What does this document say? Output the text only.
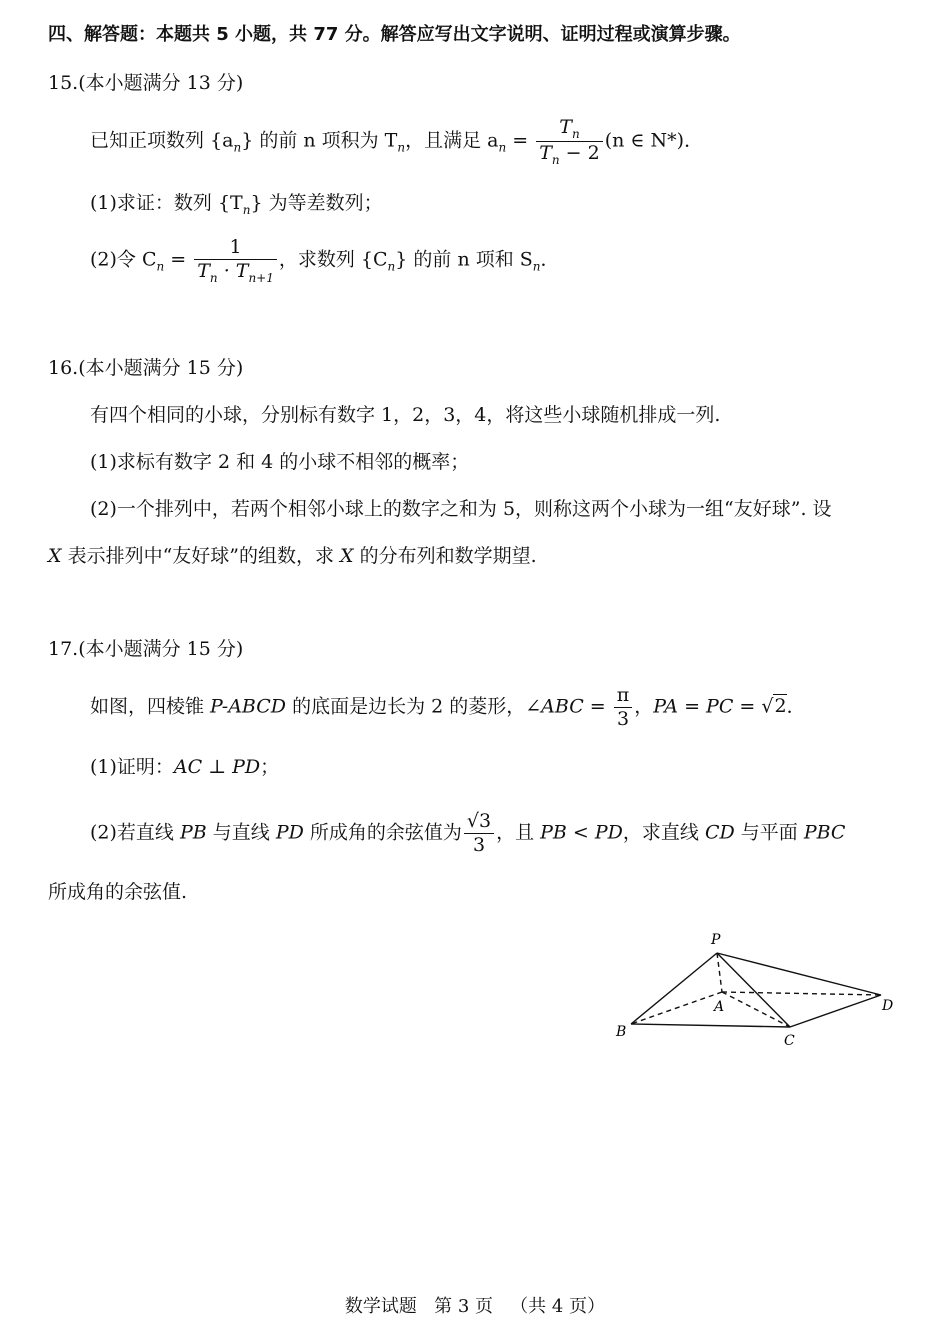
四、解答题：本题共 5 小题，共 77 分。解答应写出文字说明、证明过程或演算步骤。
15.(本小题满分 13 分)
已知正项数列 $\{a_n\}$ 的前 n 项积为 $T_n$，且满足 $a_n = \frac{T_n}{T_n - 2} (n$ ∈ N*)．
(1)求证：数列 $\{T_n\}$ 为等差数列；
(2)令 $C_n = \frac{1}{T_n \cdot T_{n+1}}$ ，求数列 $\{C_n\}$ 的前 n 项和 $S_n$．
16.(本小题满分 15 分)
有四个相同的小球，分别标有数字 1，2，3，4，将这些小球随机排成一列.
(1)求标有数字 2 和 4 的小球不相邻的概率；
(2)一个排列中，若两个相邻小球上的数字之和为 5，则称这两个小球为一组“友好球”. 设
X 表示排列中“友好球”的组数，求 X 的分布列和数学期望.
17.(本小题满分 15 分)
如图，四棱锥 P-ABCD 的底面是边长为 2 的菱形，∠ABC = $\frac{\pi}{3}$ ，PA = PC = √2．
(1)证明：AC ⊥ PD；
(2)若直线 PB 与直线 PD 所成角的余弦值为 $\frac{√3}{3}$ ，且 PB < PD，求直线 CD 与平面 PBC
所成角的余弦值.
P
A
B
C
D
数学试题 第 3 页 （共 4 页）
